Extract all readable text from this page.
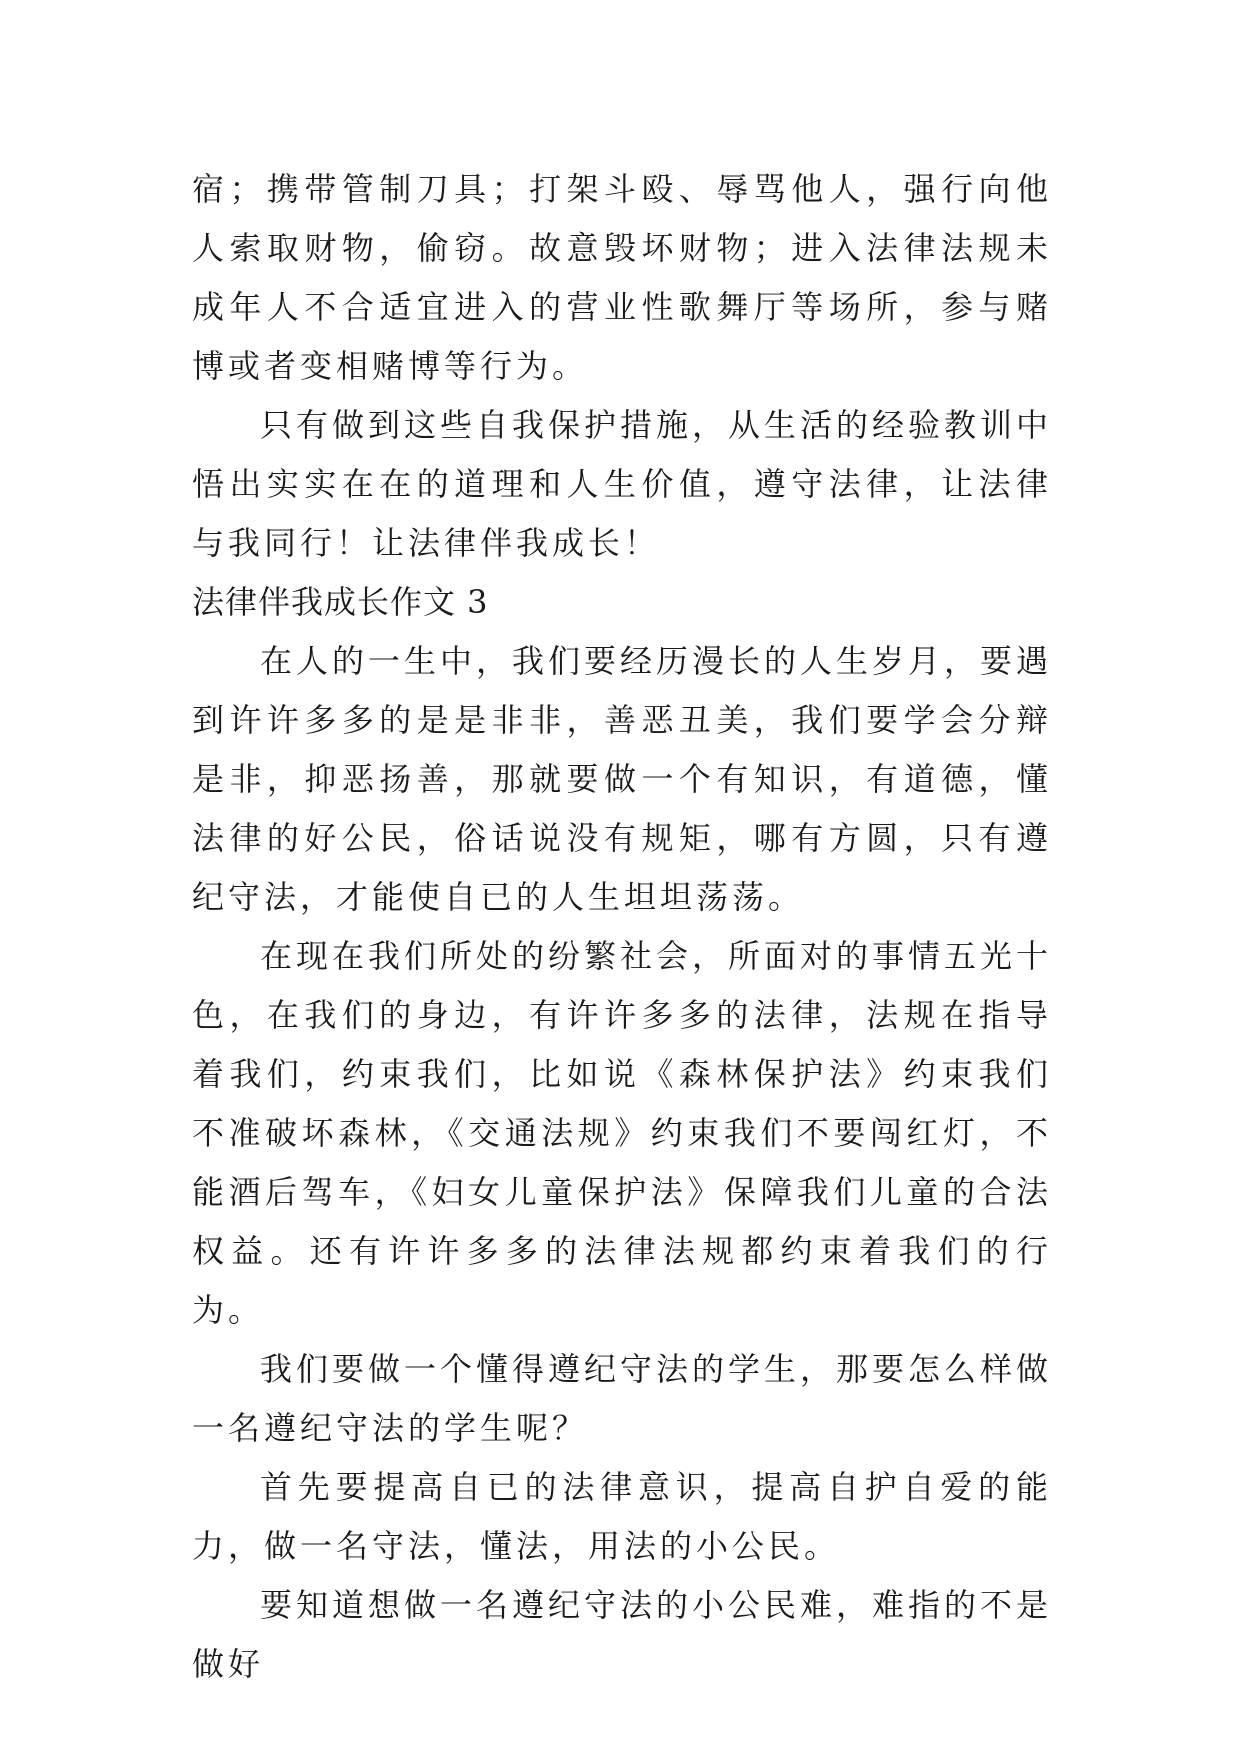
宿；携带管制刀具；打架斗殴、辱骂他人，强行向他人索取财物，偷窃。故意毁坏财物；进入法律法规未成年人不合适宜进入的营业性歌舞厅等场所，参与赌博或者变相赌博等行为。

只有做到这些自我保护措施，从生活的经验教训中悟出实实在在的道理和人生价值，遵守法律，让法律与我同行！让法律伴我成长！

法律伴我成长作文 3

在人的一生中，我们要经历漫长的人生岁月，要遇到许许多多的是是非非，善恶丑美，我们要学会分辩是非，抑恶扬善，那就要做一个有知识，有道德，懂法律的好公民，俗话说没有规矩，哪有方圆，只有遵纪守法，才能使自已的人生坦坦荡荡。

在现在我们所处的纷繁社会，所面对的事情五光十色，在我们的身边，有许许多多的法律，法规在指导着我们，约束我们，比如说《森林保护法》约束我们不准破坏森林，《交通法规》约束我们不要闯红灯，不能酒后驾车，《妇女儿童保护法》保障我们儿童的合法权益。还有许许多多的法律法规都约束着我们的行为。

我们要做一个懂得遵纪守法的学生，那要怎么样做一名遵纪守法的学生呢？

首先要提高自已的法律意识，提高自护自爱的能力，做一名守法，懂法，用法的小公民。

要知道想做一名遵纪守法的小公民难，难指的不是做好
